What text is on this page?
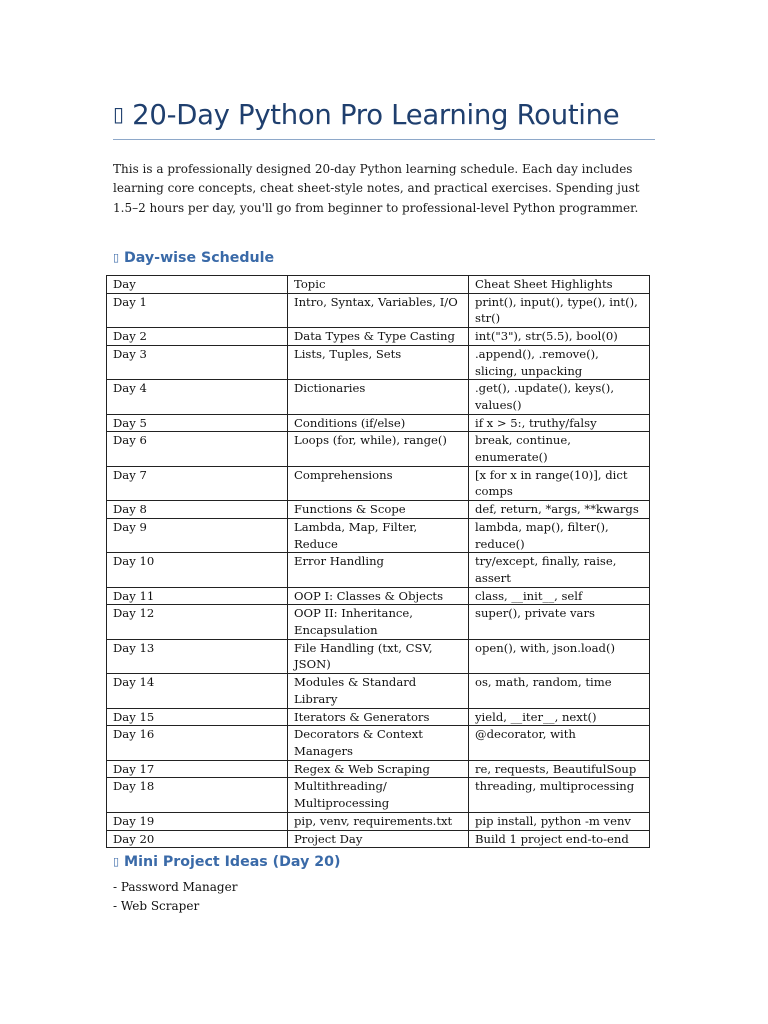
▯ 20-Day Python Pro Learning Routine
This is a professionally designed 20-day Python learning schedule. Each day includes learning core concepts, cheat sheet-style notes, and practical exercises. Spending just 1.5–2 hours per day, you'll go from beginner to professional-level Python programmer.
▯ Day-wise Schedule
Day	Topic	Cheat Sheet Highlights
Day 1	Intro, Syntax, Variables, I/O	print(), input(), type(), int(), str()
Day 2	Data Types & Type Casting	int("3"), str(5.5), bool(0)
Day 3	Lists, Tuples, Sets	.append(), .remove(), slicing, unpacking
Day 4	Dictionaries	.get(), .update(), keys(), values()
Day 5	Conditions (if/else)	if x > 5:, truthy/falsy
Day 6	Loops (for, while), range()	break, continue, enumerate()
Day 7	Comprehensions	[x for x in range(10)], dict comps
Day 8	Functions & Scope	def, return, *args, **kwargs
Day 9	Lambda, Map, Filter, Reduce	lambda, map(), filter(), reduce()
Day 10	Error Handling	try/except, finally, raise, assert
Day 11	OOP I: Classes & Objects	class, __init__, self
Day 12	OOP II: Inheritance, Encapsulation	super(), private vars
Day 13	File Handling (txt, CSV, JSON)	open(), with, json.load()
Day 14	Modules & Standard Library	os, math, random, time
Day 15	Iterators & Generators	yield, __iter__, next()
Day 16	Decorators & Context Managers	@decorator, with
Day 17	Regex & Web Scraping	re, requests, BeautifulSoup
Day 18	Multithreading/ Multiprocessing	threading, multiprocessing
Day 19	pip, venv, requirements.txt	pip install, python -m venv
Day 20	Project Day	Build 1 project end-to-end
▯ Mini Project Ideas (Day 20)
- Password Manager
- Web Scraper
